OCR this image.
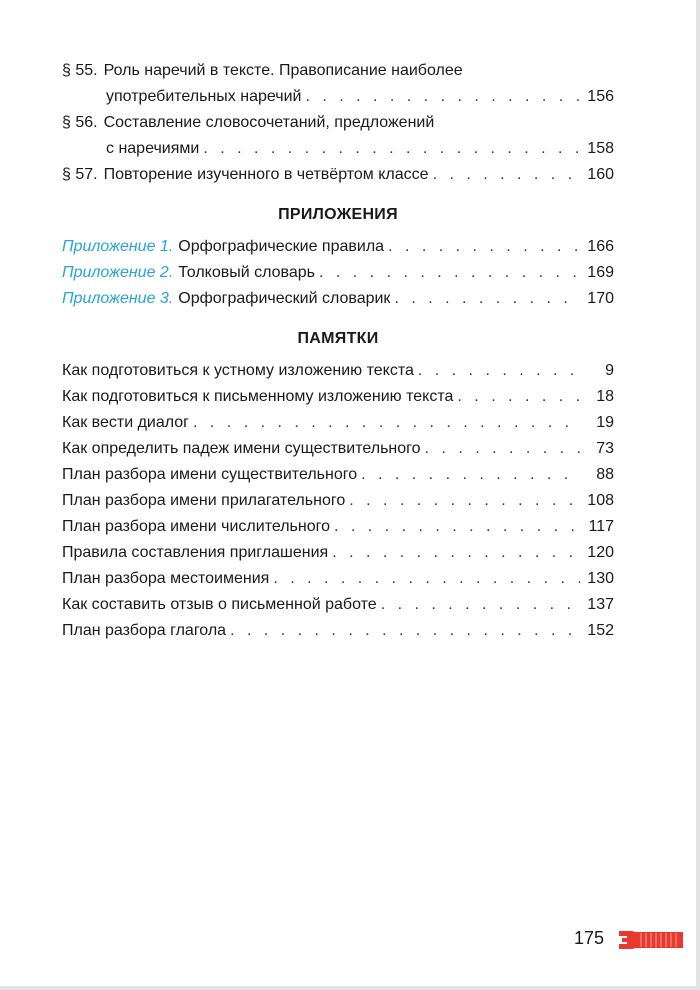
§ 55. Роль наречий в тексте. Правописание наиболее
употребительных наречий . . .	156
§ 56. Составление словосочетаний, предложений
с наречиями . . .	158
§ 57. Повторение изученного в четвёртом классе . . .	160
ПРИЛОЖЕНИЯ
Приложение 1. Орфографические правила . . .	166
Приложение 2. Толковый словарь . . .	169
Приложение 3. Орфографический словарик . . .	170
ПАМЯТКИ
Как подготовиться к устному изложению текста . . .	9
Как подготовиться к письменному изложению текста . . .	18
Как вести диалог . . .	19
Как определить падеж имени существительного . . .	73
План разбора имени существительного . . .	88
План разбора имени прилагательного . . .	108
План разбора имени числительного . . .	117
Правила составления приглашения . . .	120
План разбора местоимения . . .	130
Как составить отзыв о письменной работе . . .	137
План разбора глагола . . .	152
175
